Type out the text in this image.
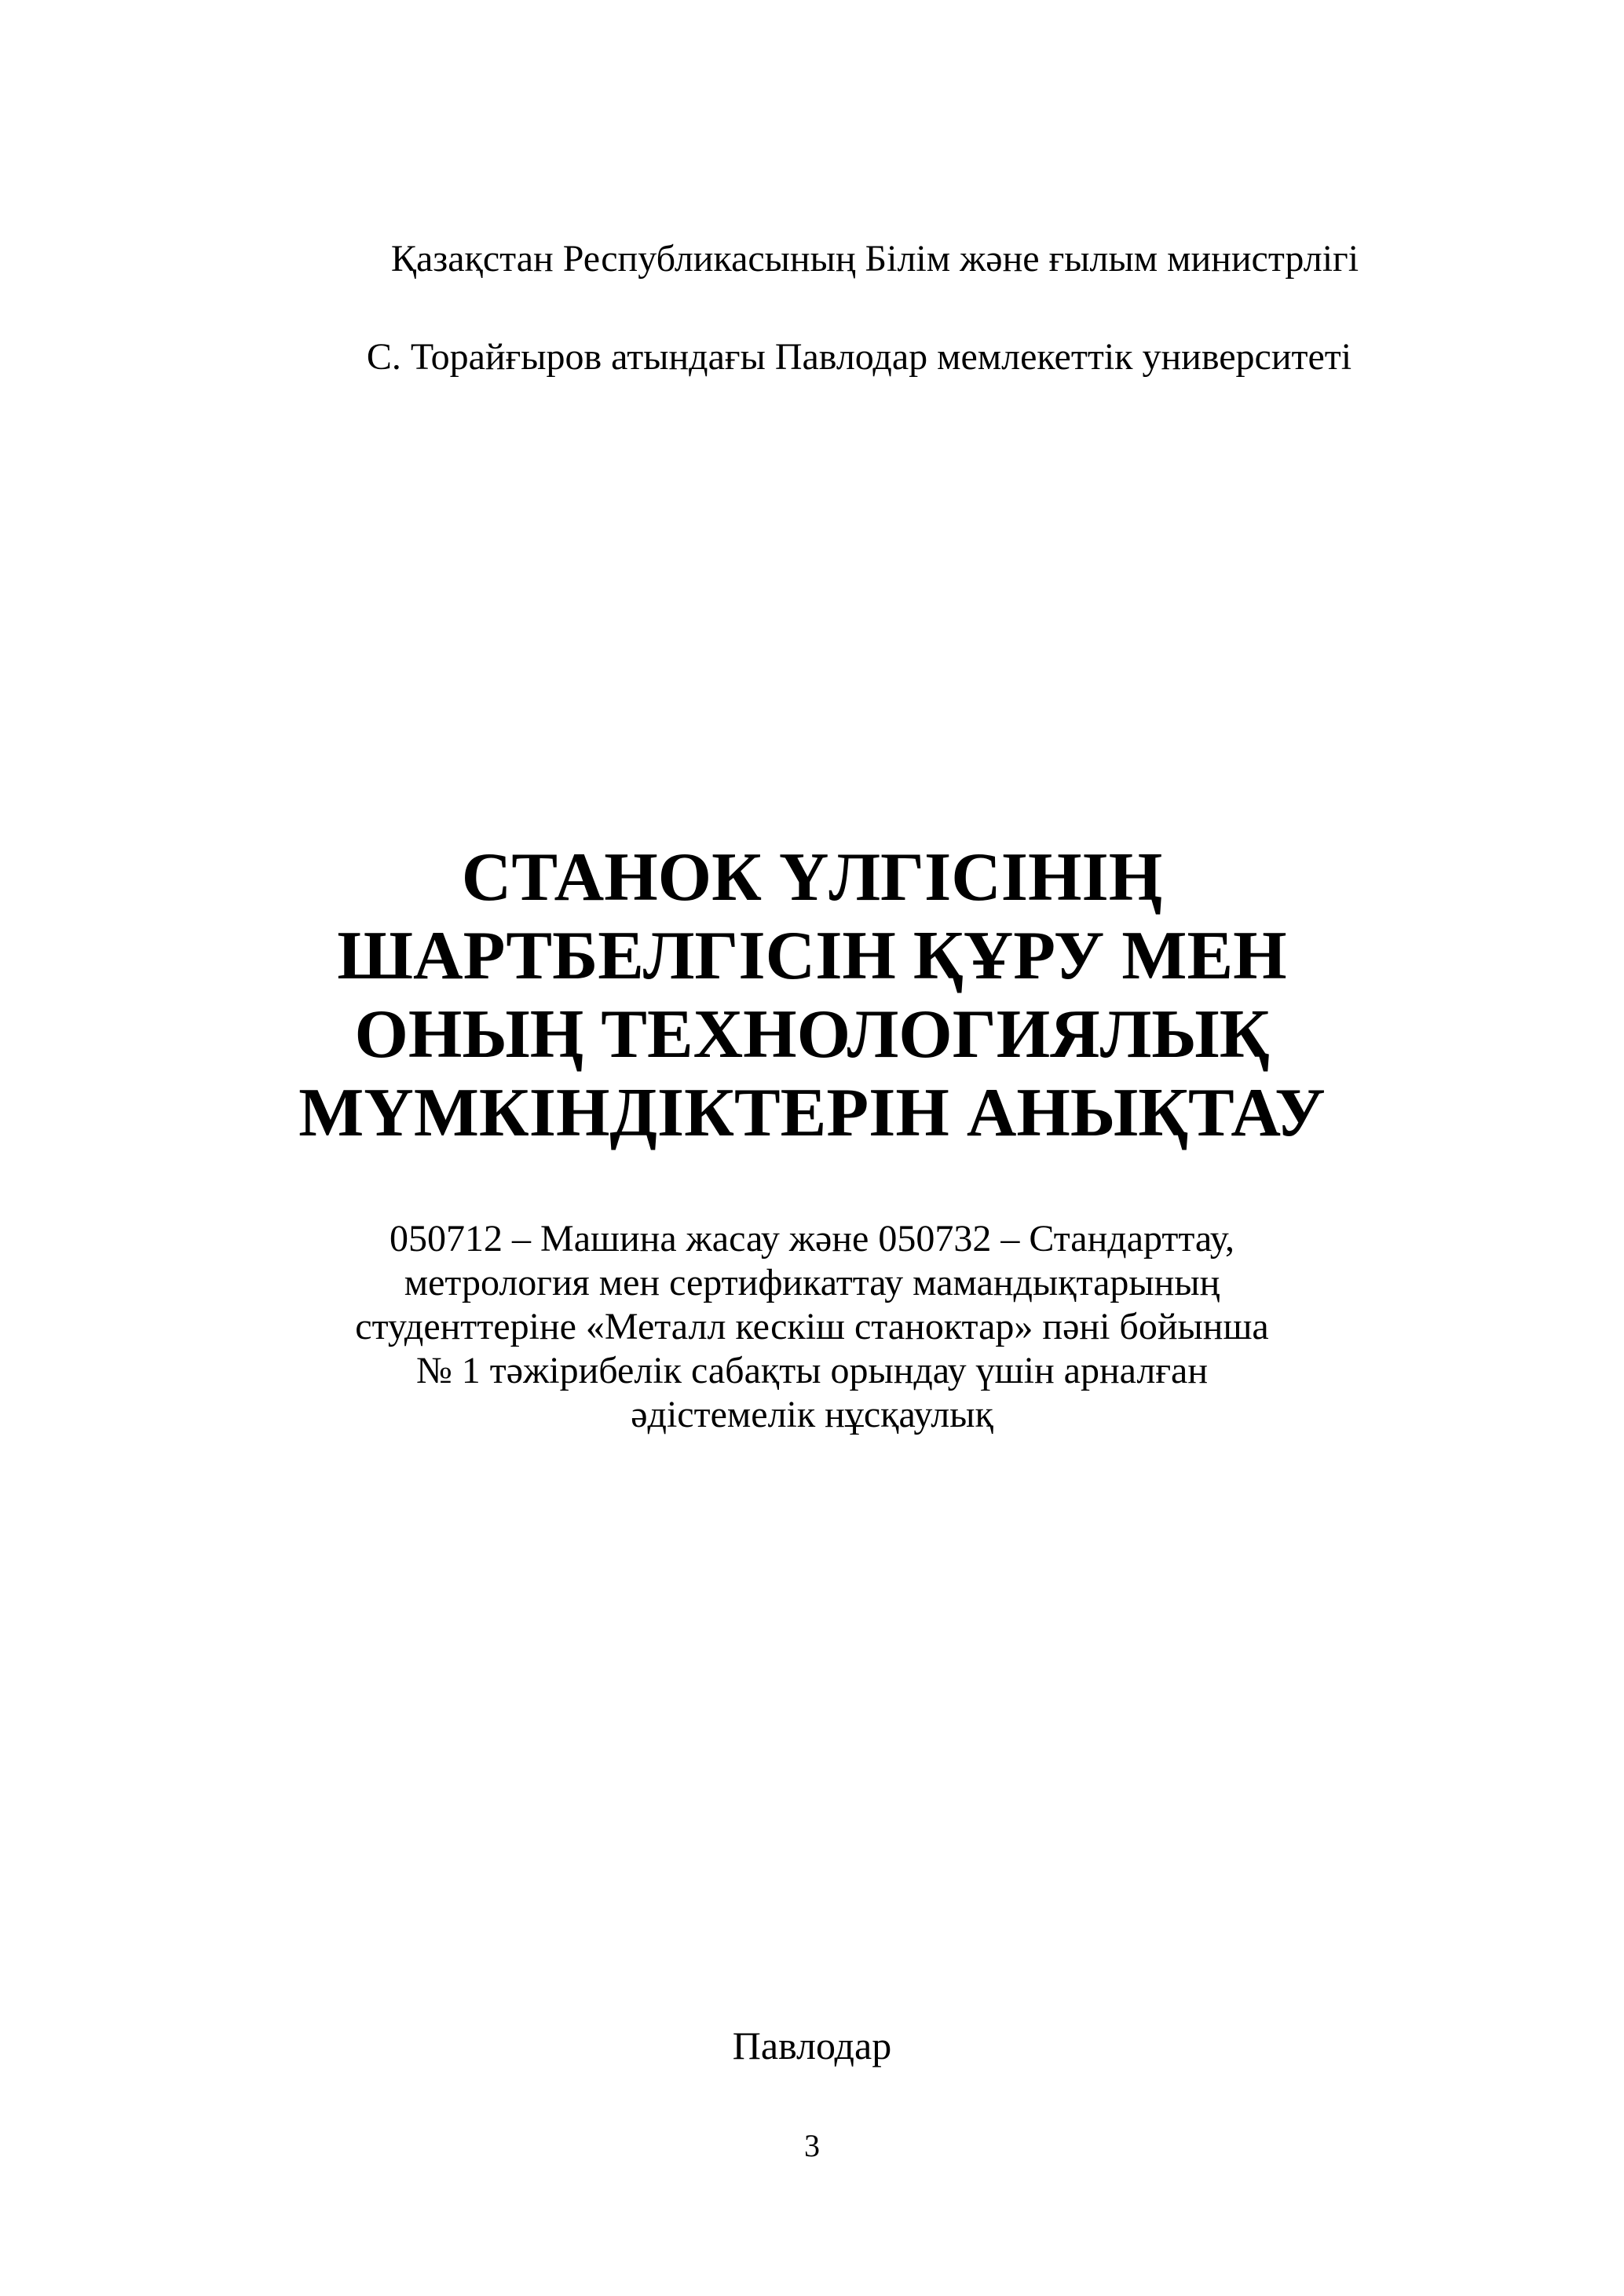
Қазақстан Республикасының Білім және ғылым министрлігі
С. Торайғыров атындағы Павлодар мемлекеттік университеті
СТАНОК ҮЛГІСІНІҢ
ШАРТБЕЛГІСІН ҚҰРУ МЕН
ОНЫҢ ТЕХНОЛОГИЯЛЫҚ
МҮМКІНДІКТЕРІН АНЫҚТАУ
050712 – Машина жасау және 050732 – Стандарттау,
метрология мен сертификаттау мамандықтарының
студенттеріне «Металл кескіш станоктар» пәні бойынша
№ 1 тәжірибелік сабақты орындау үшін арналған
әдістемелік нұсқаулық
Павлодар
3
